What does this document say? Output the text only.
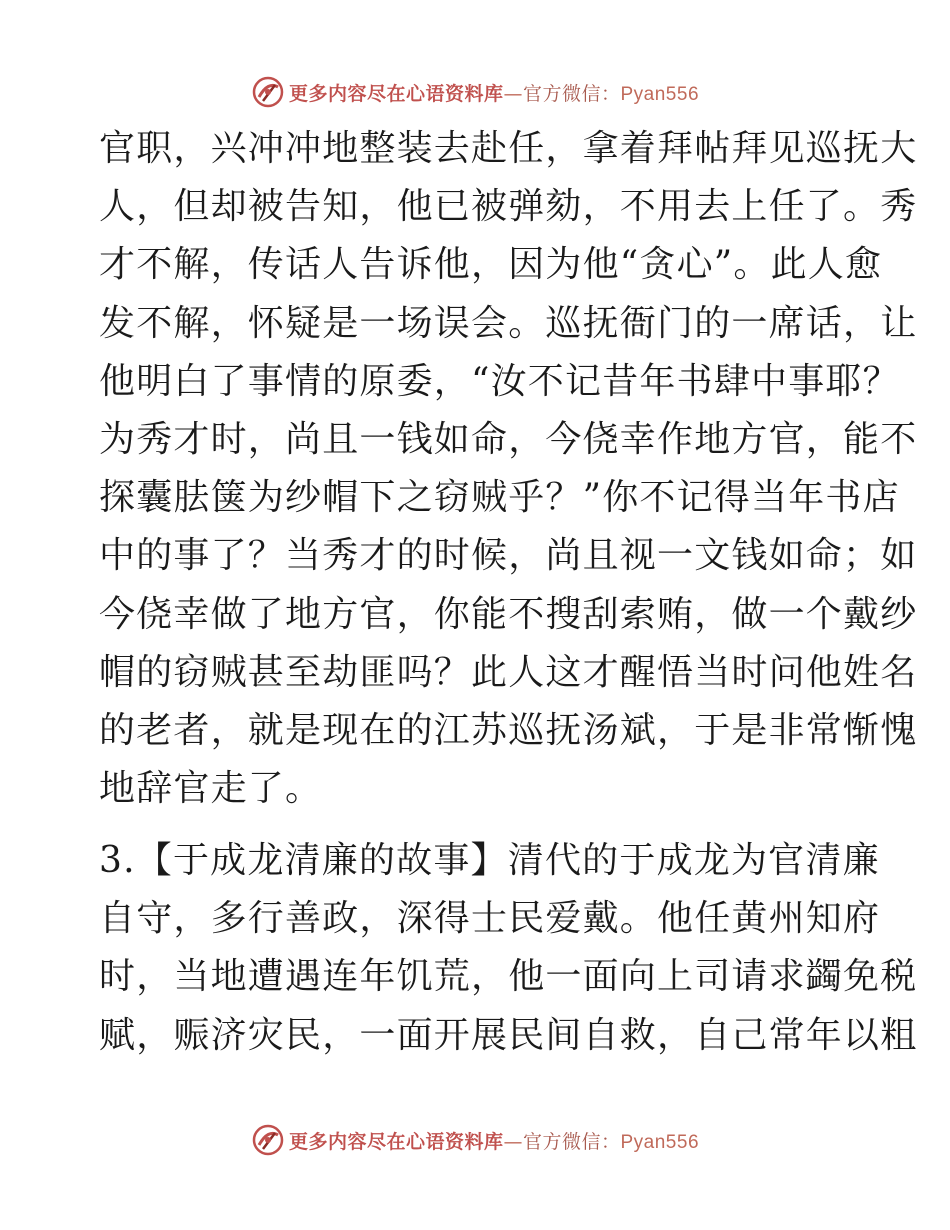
更多内容尽在心语资料库—官方微信：Pyan556
官职，兴冲冲地整装去赴任，拿着拜帖拜见巡抚大
人，但却被告知，他已被弹劾，不用去上任了。秀
才不解，传话人告诉他，因为他“贪心”。此人愈
发不解，怀疑是一场误会。巡抚衙门的一席话，让
他明白了事情的原委，“汝不记昔年书肆中事耶？
为秀才时，尚且一钱如命，今侥幸作地方官，能不
探囊胠箧为纱帽下之窃贼乎？”你不记得当年书店
中的事了？当秀才的时候，尚且视一文钱如命；如
今侥幸做了地方官，你能不搜刮索贿，做一个戴纱
帽的窃贼甚至劫匪吗？此人这才醒悟当时问他姓名
的老者，就是现在的江苏巡抚汤斌，于是非常惭愧
地辞官走了。
3.【于成龙清廉的故事】清代的于成龙为官清廉
自守，多行善政，深得士民爱戴。他任黄州知府
时，当地遭遇连年饥荒，他一面向上司请求蠲免税
赋，赈济灾民，一面开展民间自救，自己常年以粗
更多内容尽在心语资料库—官方微信：Pyan556
